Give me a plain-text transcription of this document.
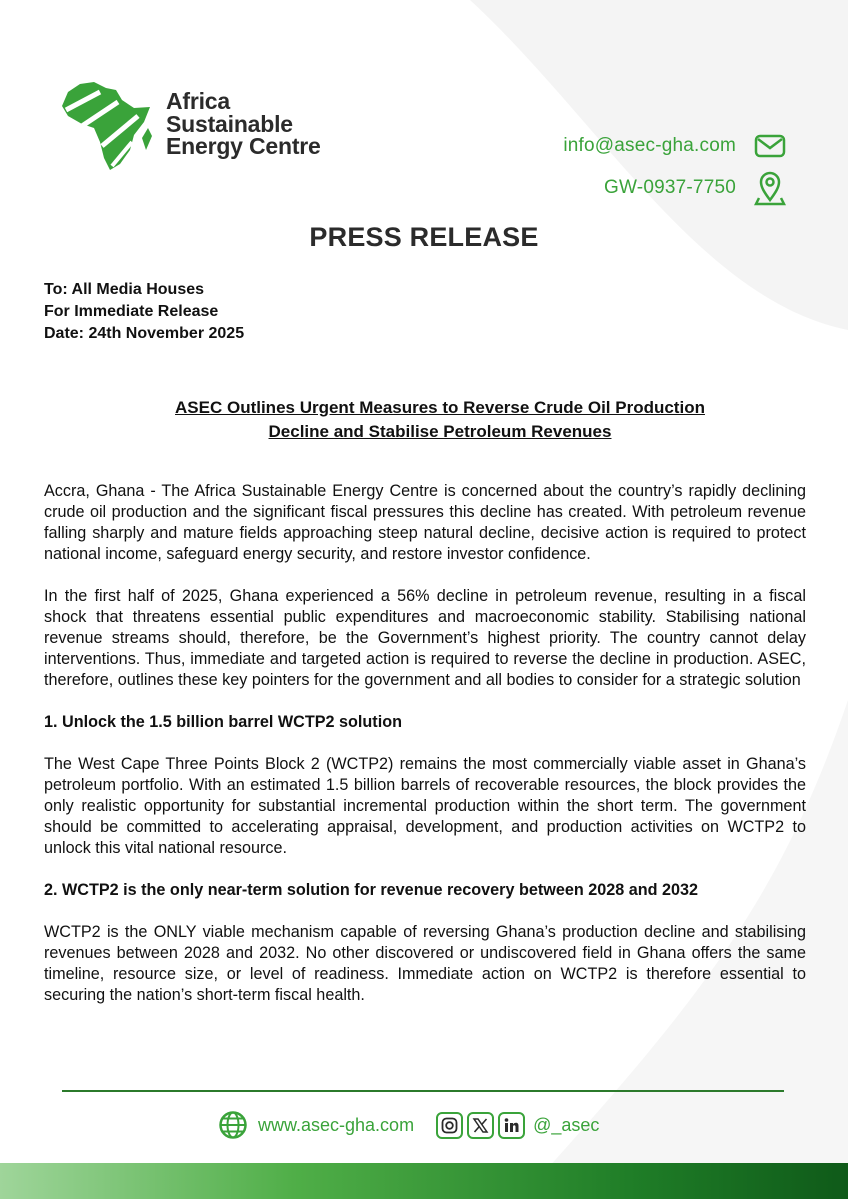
Africa
Sustainable
Energy Centre	info@asec-gha.com
GW-0937-7750
PRESS RELEASE
To: All Media Houses
For Immediate Release
Date: 24th November 2025
ASEC Outlines Urgent Measures to Reverse Crude Oil Production
Decline and Stabilise Petroleum Revenues

Accra, Ghana - The Africa Sustainable Energy Centre is concerned about the country’s rapidly declining crude oil production and the significant fiscal pressures this decline has created. With petroleum revenue falling sharply and mature fields approaching steep natural decline, decisive action is required to protect national income, safeguard energy security, and restore investor confidence.

In the first half of 2025, Ghana experienced a 56% decline in petroleum revenue, resulting in a fiscal shock that threatens essential public expenditures and macroeconomic stability. Stabilising national revenue streams should, therefore, be the Government’s highest priority. The country cannot delay interventions. Thus, immediate and targeted action is required to reverse the decline in production. ASEC, therefore, outlines these key pointers for the government and all bodies to consider for a strategic solution

1. Unlock the 1.5 billion barrel WCTP2 solution

The West Cape Three Points Block 2 (WCTP2) remains the most commercially viable asset in Ghana’s petroleum portfolio. With an estimated 1.5 billion barrels of recoverable resources, the block provides the only realistic opportunity for substantial incremental production within the short term. The government should be committed to accelerating appraisal, development, and production activities on WCTP2 to unlock this vital national resource.

2. WCTP2 is the only near-term solution for revenue recovery between 2028 and 2032

WCTP2 is the ONLY viable mechanism capable of reversing Ghana’s production decline and stabilising revenues between 2028 and 2032. No other discovered or undiscovered field in Ghana offers the same timeline, resource size, or level of readiness. Immediate action on WCTP2 is therefore essential to securing the nation’s short-term fiscal health.

www.asec-gha.com	@_asec
